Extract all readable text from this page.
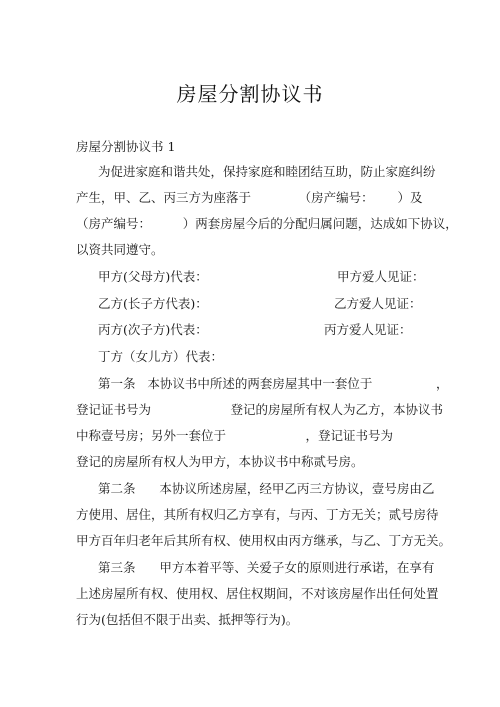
房屋分割协议书
房屋分割协议书 1
为促进家庭和谐共处，保持家庭和睦团结互助，防止家庭纠纷
产生，甲、乙、丙三方为座落于            （房产编号：      ）及
（房产编号：        ）两套房屋今后的分配归属问题，达成如下协议，
以资共同遵守。
甲方(父母方)代表：	甲方爱人见证：
乙方(长子方代表)：	乙方爱人见证：
丙方(次子方)代表：	丙方爱人见证：
丁方（女儿方）代表：
第一条   本协议书中所述的两套房屋其中一套位于                ，
登记证书号为                    登记的房屋所有权人为乙方，本协议书
中称壹号房；另外一套位于                    ，登记证书号为
登记的房屋所有权人为甲方，本协议书中称贰号房。
第二条      本协议所述房屋，经甲乙丙三方协议，壹号房由乙
方使用、居住，其所有权归乙方享有，与丙、丁方无关；贰号房待
甲方百年归老年后其所有权、使用权由丙方继承，与乙、丁方无关。
第三条      甲方本着平等、关爱子女的原则进行承诺，在享有
上述房屋所有权、使用权、居住权期间，不对该房屋作出任何处置
行为(包括但不限于出卖、抵押等行为)。
